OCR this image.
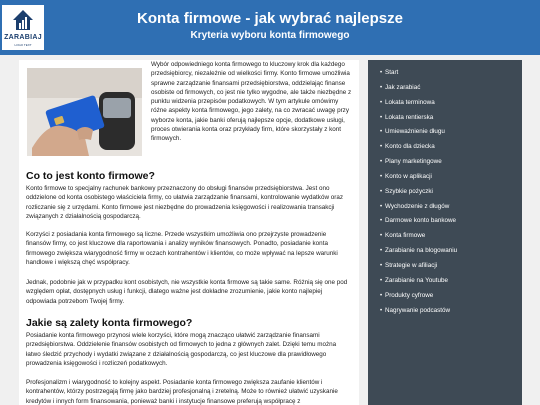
ZARABIAJ
LOGO TEXT
Konta firmowe - jak wybrać najlepsze
Kryteria wyboru konta firmowego
Wybór odpowiedniego konta firmowego to kluczowy krok dla każdego przedsiębiorcy, niezależnie od wielkości firmy. Konto firmowe umożliwia sprawne zarządzanie finansami przedsiębiorstwa, oddzielając finanse osobiste od firmowych, co jest nie tylko wygodne, ale także niezbędne z punktu widzenia przepisów podatkowych. W tym artykule omówimy różne aspekty konta firmowego, jego zalety, na co zwracać uwagę przy wyborze konta, jakie banki oferują najlepsze opcje, dodatkowe usługi, proces otwierania konta oraz przykłady firm, które skorzystały z kont firmowych.
Co to jest konto firmowe?

Konto firmowe to specjalny rachunek bankowy przeznaczony do obsługi finansów przedsiębiorstwa. Jest ono oddzielone od konta osobistego właściciela firmy, co ułatwia zarządzanie finansami, kontrolowanie wydatków oraz rozliczanie się z urzędami. Konto firmowe jest niezbędne do prowadzenia księgowości i realizowania transakcji związanych z działalnością gospodarczą.

Korzyści z posiadania konta firmowego są liczne. Przede wszystkim umożliwia ono przejrzyste prowadzenie finansów firmy, co jest kluczowe dla raportowania i analizy wyników finansowych. Ponadto, posiadanie konta firmowego zwiększa wiarygodność firmy w oczach kontrahentów i klientów, co może wpływać na lepsze warunki handlowe i większą chęć współpracy.

Jednak, podobnie jak w przypadku kont osobistych, nie wszystkie konta firmowe są takie same. Różnią się one pod względem opłat, dostępnych usług i funkcji, dlatego ważne jest dokładne zrozumienie, jakie konto najlepiej odpowiada potrzebom Twojej firmy.

Jakie są zalety konta firmowego?

Posiadanie konta firmowego przynosi wiele korzyści, które mogą znacząco ułatwić zarządzanie finansami przedsiębiorstwa. Oddzielenie finansów osobistych od firmowych to jedna z głównych zalet. Dzięki temu można łatwo śledzić przychody i wydatki związane z działalnością gospodarczą, co jest kluczowe dla prawidłowego prowadzenia księgowości i rozliczeń podatkowych.

Profesjonalizm i wiarygodność to kolejny aspekt. Posiadanie konta firmowego zwiększa zaufanie klientów i kontrahentów, którzy postrzegają firmę jako bardziej profesjonalną i zretelną. Może to również ułatwić uzyskanie kredytów i innych form finansowania, ponieważ banki i instytucje finansowe preferują współpracę z

• Start
• Jak zarabiać
• Lokata terminowa
• Lokata rentierska
• Umieważnienie długu
• Konto dla dziecka
• Plany marketingowe
• Konto w aplikacji
• Szybkie pożyczki
• Wychodzenie z długów
• Darmowe konto bankowe
• Konta firmowe
• Zarabianie na blogowaniu
• Strategie w afiliacji
• Zarabianie na Youtube
• Produkty cyfrowe
• Nagrywanie podcastów
